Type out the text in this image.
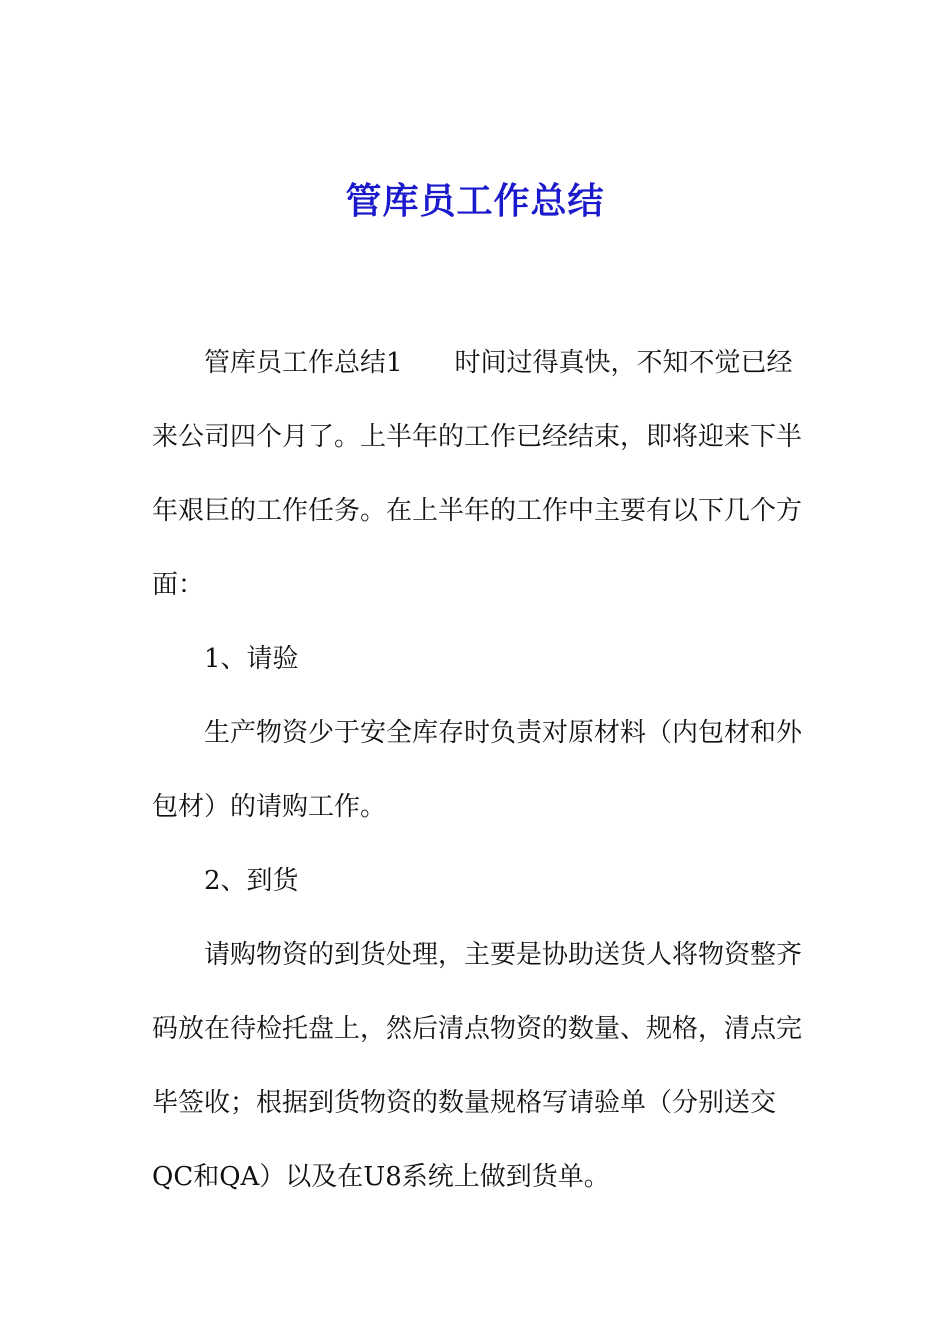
管库员工作总结

管库员工作总结1 时间过得真快，不知不觉已经来公司四个月了。上半年的工作已经结束，即将迎来下半年艰巨的工作任务。在上半年的工作中主要有以下几个方面：

1、请验

生产物资少于安全库存时负责对原材料（内包材和外包材）的请购工作。

2、到货

请购物资的到货处理，主要是协助送货人将物资整齐码放在待检托盘上，然后清点物资的数量、规格，清点完毕签收；根据到货物资的数量规格写请验单（分别送交QC和QA）以及在U8系统上做到货单。
